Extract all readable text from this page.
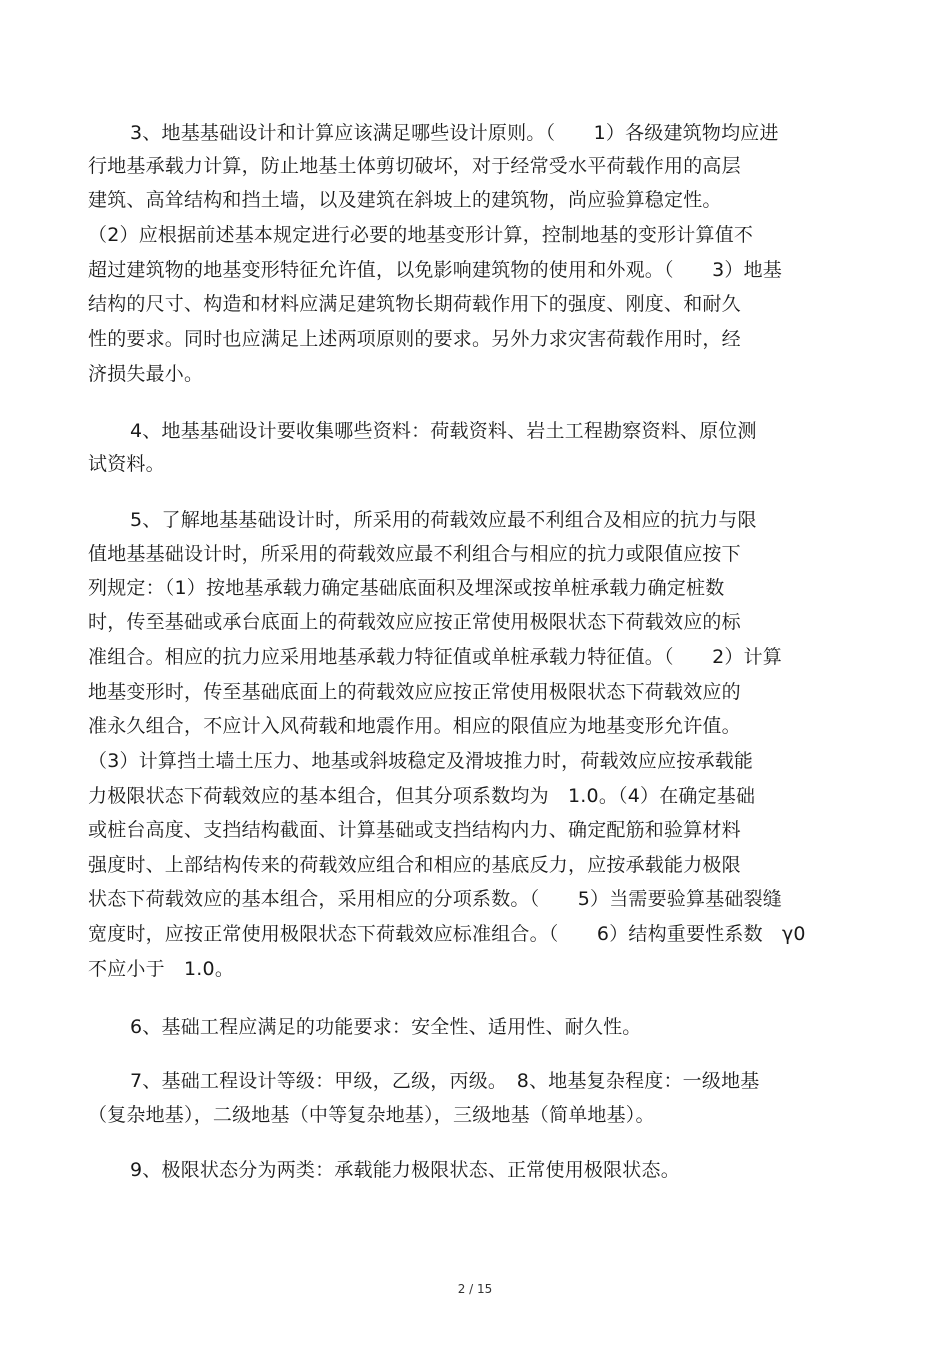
3、地基基础设计和计算应该满足哪些设计原则。（　　1）各级建筑物均应进
行地基承载力计算，防止地基土体剪切破坏，对于经常受水平荷载作用的高层
建筑、高耸结构和挡土墙，以及建筑在斜坡上的建筑物，尚应验算稳定性。
（2）应根据前述基本规定进行必要的地基变形计算，控制地基的变形计算值不
超过建筑物的地基变形特征允许值，以免影响建筑物的使用和外观。（　　3）地基
结构的尺寸、构造和材料应满足建筑物长期荷载作用下的强度、刚度、和耐久
性的要求。同时也应满足上述两项原则的要求。另外力求灾害荷载作用时，经
济损失最小。
4、地基基础设计要收集哪些资料：荷载资料、岩土工程勘察资料、原位测
试资料。
5、了解地基基础设计时，所采用的荷载效应最不利组合及相应的抗力与限
值地基基础设计时，所采用的荷载效应最不利组合与相应的抗力或限值应按下
列规定：（1）按地基承载力确定基础底面积及埋深或按单桩承载力确定桩数
时，传至基础或承台底面上的荷载效应应按正常使用极限状态下荷载效应的标
准组合。相应的抗力应采用地基承载力特征值或单桩承载力特征值。（　　2）计算
地基变形时，传至基础底面上的荷载效应应按正常使用极限状态下荷载效应的
准永久组合，不应计入风荷载和地震作用。相应的限值应为地基变形允许值。
（3）计算挡土墙土压力、地基或斜坡稳定及滑坡推力时，荷载效应应按承载能
力极限状态下荷载效应的基本组合，但其分项系数均为　1.0。（4）在确定基础
或桩台高度、支挡结构截面、计算基础或支挡结构内力、确定配筋和验算材料
强度时、上部结构传来的荷载效应组合和相应的基底反力，应按承载能力极限
状态下荷载效应的基本组合，采用相应的分项系数。（　　5）当需要验算基础裂缝
宽度时，应按正常使用极限状态下荷载效应标准组合。（　　6）结构重要性系数　γ0
不应小于　1.0。
6、基础工程应满足的功能要求：安全性、适用性、耐久性。
7、基础工程设计等级：甲级，乙级，丙级。　8、地基复杂程度：一级地基
（复杂地基），二级地基（中等复杂地基），三级地基（简单地基）。
9、极限状态分为两类：承载能力极限状态、正常使用极限状态。
2 / 15
